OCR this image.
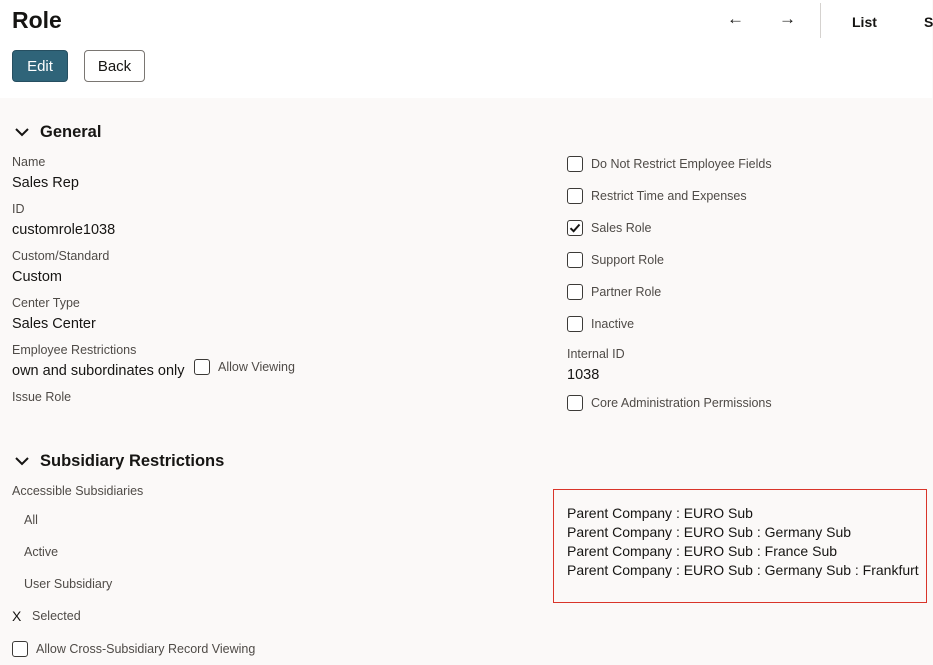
Role	← →	List	S
Edit	Back
General
Name
Sales Rep
ID
customrole1038
Custom/Standard
Custom
Center Type
Sales Center
Employee Restrictions
own and subordinates only	Allow Viewing
Issue Role
Do Not Restrict Employee Fields
Restrict Time and Expenses
Sales Role
Support Role
Partner Role
Inactive
Internal ID
1038
Core Administration Permissions
Subsidiary Restrictions
Accessible Subsidiaries
All
Active
User Subsidiary
X Selected
Allow Cross-Subsidiary Record Viewing
Parent Company : EURO Sub
Parent Company : EURO Sub : Germany Sub
Parent Company : EURO Sub : France Sub
Parent Company : EURO Sub : Germany Sub : Frankfurt
